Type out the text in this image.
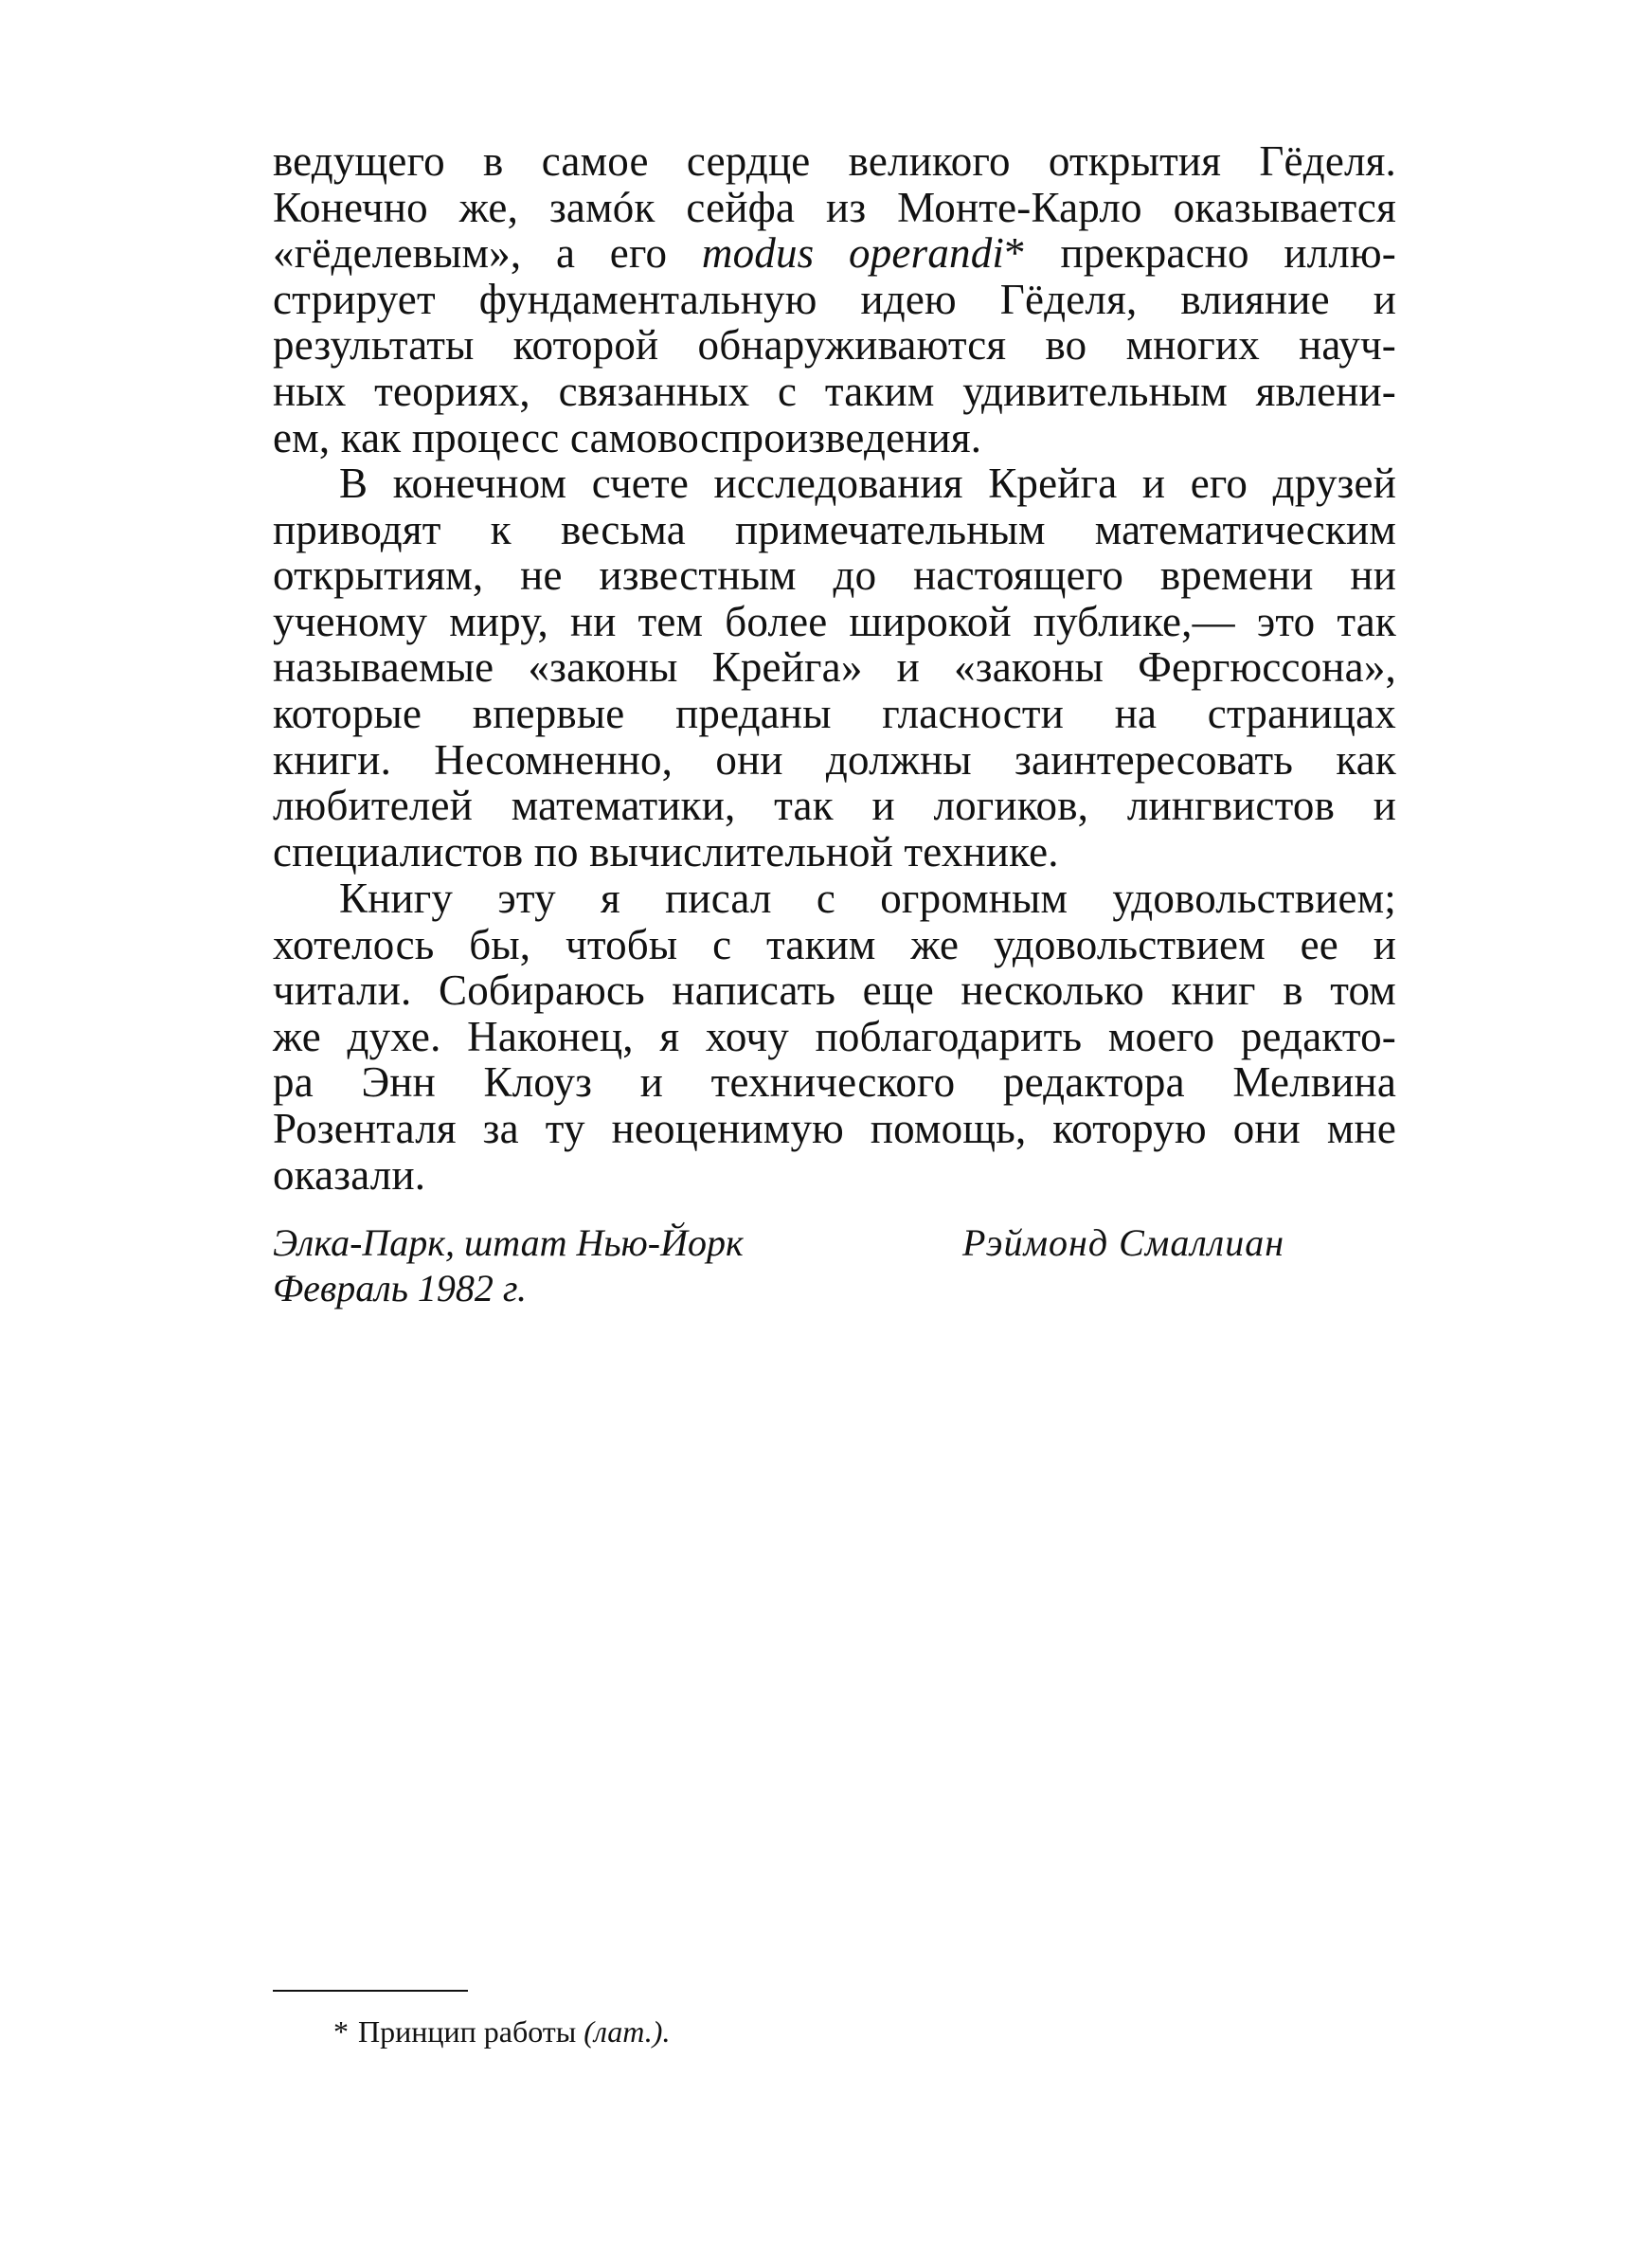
ведущего в самое сердце великого открытия Гёделя.
Конечно же, замóк сейфа из Монте-Карло оказывается
«гёделевым», а его modus operandi* прекрасно иллю-
стрирует фундаментальную идею Гёделя, влияние и
результаты которой обнаруживаются во многих науч-
ных теориях, связанных с таким удивительным явлени-
ем, как процесс самовоспроизведения.

В конечном счете исследования Крейга и его друзей
приводят к весьма примечательным математическим
открытиям, не известным до настоящего времени ни
ученому миру, ни тем более широкой публике,— это так
называемые «законы Крейга» и «законы Фергюссона»,
которые впервые преданы гласности на страницах
книги. Несомненно, они должны заинтересовать как
любителей математики, так и логиков, лингвистов и
специалистов по вычислительной технике.

Книгу эту я писал с огромным удовольствием;
хотелось бы, чтобы с таким же удовольствием ее и
читали. Собираюсь написать еще несколько книг в том
же духе. Наконец, я хочу поблагодарить моего редакто-
ра Энн Клоуз и технического редактора Мелвина
Розенталя за ту неоценимую помощь, которую они мне
оказали.

Элка-Парк, штат Нью-Йорк
Февраль 1982 г.
Рэймонд Смаллиан
* Принцип работы (лат.).
